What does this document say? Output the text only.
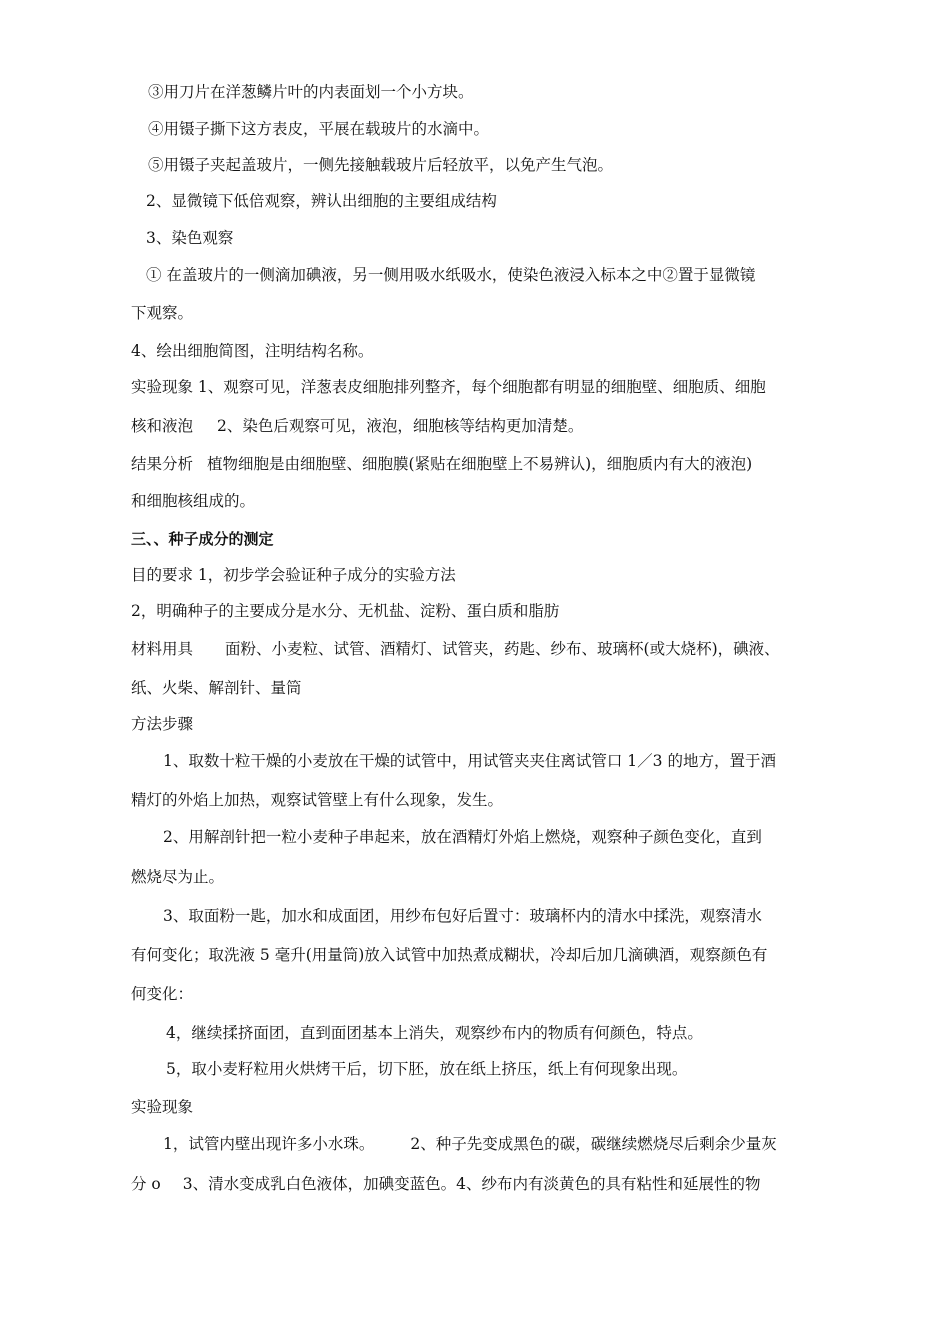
③用刀片在洋葱鳞片叶的内表面划一个小方块。
④用镊子撕下这方表皮，平展在载玻片的水滴中。
⑤用镊子夹起盖玻片，一侧先接触载玻片后轻放平，以免产生气泡。
2、显微镜下低倍观察，辨认出细胞的主要组成结构
3、染色观察
① 在盖玻片的一侧滴加碘液，另一侧用吸水纸吸水，使染色液浸入标本之中②置于显微镜
下观察。
4、绘出细胞简图，注明结构名称。
实验现象 1、观察可见，洋葱表皮细胞排列整齐，每个细胞都有明显的细胞壁、细胞质、细胞
核和液泡 2、染色后观察可见，液泡，细胞核等结构更加清楚。
结果分析 植物细胞是由细胞壁、细胞膜(紧贴在细胞壁上不易辨认)，细胞质内有大的液泡)
和细胞核组成的。
三、、种子成分的测定
目的要求 1，初步学会验证种子成分的实验方法
2，明确种子的主要成分是水分、无机盐、淀粉、蛋白质和脂肪
材料用具 面粉、小麦粒、试管、酒精灯、试管夹，药匙、纱布、玻璃杯(或大烧杯)，碘液、
纸、火柴、解剖针、量筒
方法步骤
1、取数十粒干燥的小麦放在干燥的试管中，用试管夹夹住离试管口 1／3 的地方，置于酒
精灯的外焰上加热，观察试管壁上有什么现象，发生。
2、用解剖针把一粒小麦种子串起来，放在酒精灯外焰上燃烧，观察种子颜色变化，直到
燃烧尽为止。
3、取面粉一匙，加水和成面团，用纱布包好后置寸：玻璃杯内的清水中揉洗，观察清水
有何变化；取洗液 5 毫升(用量筒)放入试管中加热煮成糊状，冷却后加几滴碘酒，观察颜色有
何变化：
4，继续揉挤面团，直到面团基本上消失，观察纱布内的物质有何颜色，特点。
5，取小麦籽粒用火烘烤干后，切下胚，放在纸上挤压，纸上有何现象出现。
实验现象
1，试管内壁出现许多小水珠。 2、种子先变成黑色的碳，碳继续燃烧尽后剩余少量灰
分 o 3、清水变成乳白色液体，加碘变蓝色。4、纱布内有淡黄色的具有粘性和延展性的物
